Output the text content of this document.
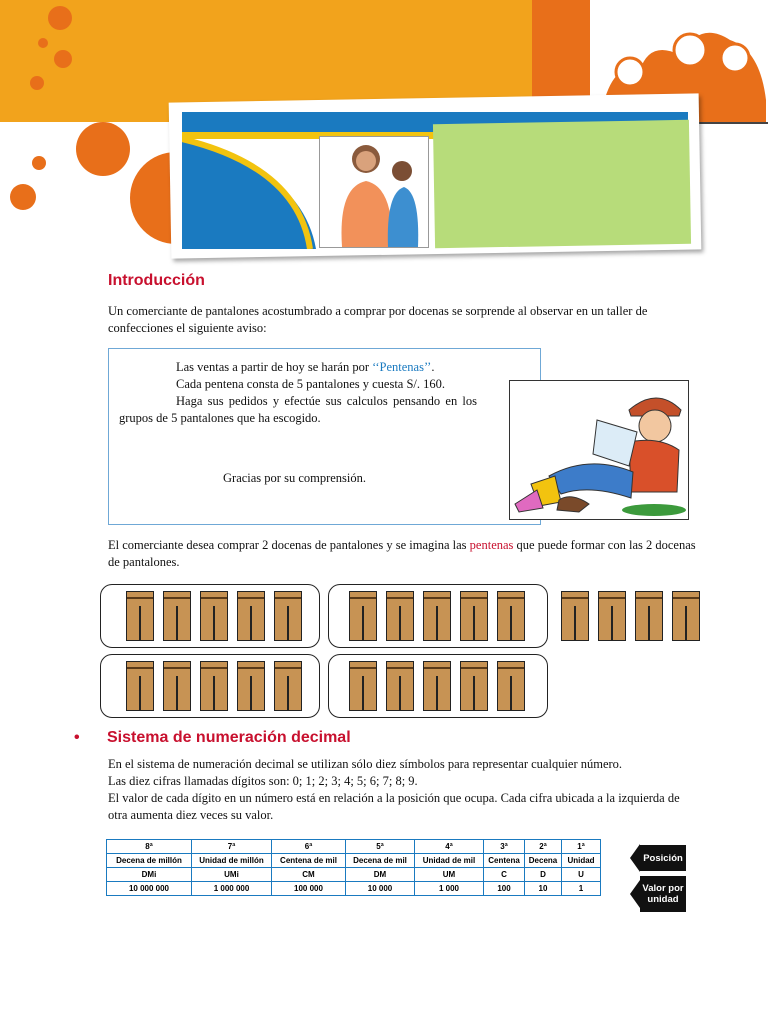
Introducción
Un comerciante de pantalones acostumbrado a comprar por docenas se sorprende al observar en un taller de confecciones el siguiente aviso:
Las ventas a partir de hoy se harán por ‘‘Pentenas’’.
Cada pentena consta de 5 pantalones y cuesta S/. 160.
Haga sus pedidos y efectúe sus calculos pensando en los grupos de 5 pantalones que ha escogido.
Gracias por su comprensión.
El comerciante desea comprar 2 docenas de pantalones y se imagina las pentenas que puede formar con las 2 docenas de pantalones.
• Sistema de numeración decimal
En el sistema de numeración decimal se utilizan sólo diez símbolos para representar cualquier número.
Las diez cifras llamadas dígitos son: 0; 1; 2; 3; 4; 5; 6; 7; 8; 9.
El valor de cada dígito en un número está en relación a la posición que ocupa. Cada cifra ubicada a la izquierda de otra aumenta diez veces su valor.
8ª	7ª	6ª	5ª	4ª	3ª	2ª	1ª
Decena de millón	Unidad de millón	Centena de mil	Decena de mil	Unidad de mil	Centena	Decena	Unidad
DMi	UMi	CM	DM	UM	C	D	U
10 000 000	1 000 000	100 000	10 000	1 000	100	10	1
Posición
Valor por unidad
